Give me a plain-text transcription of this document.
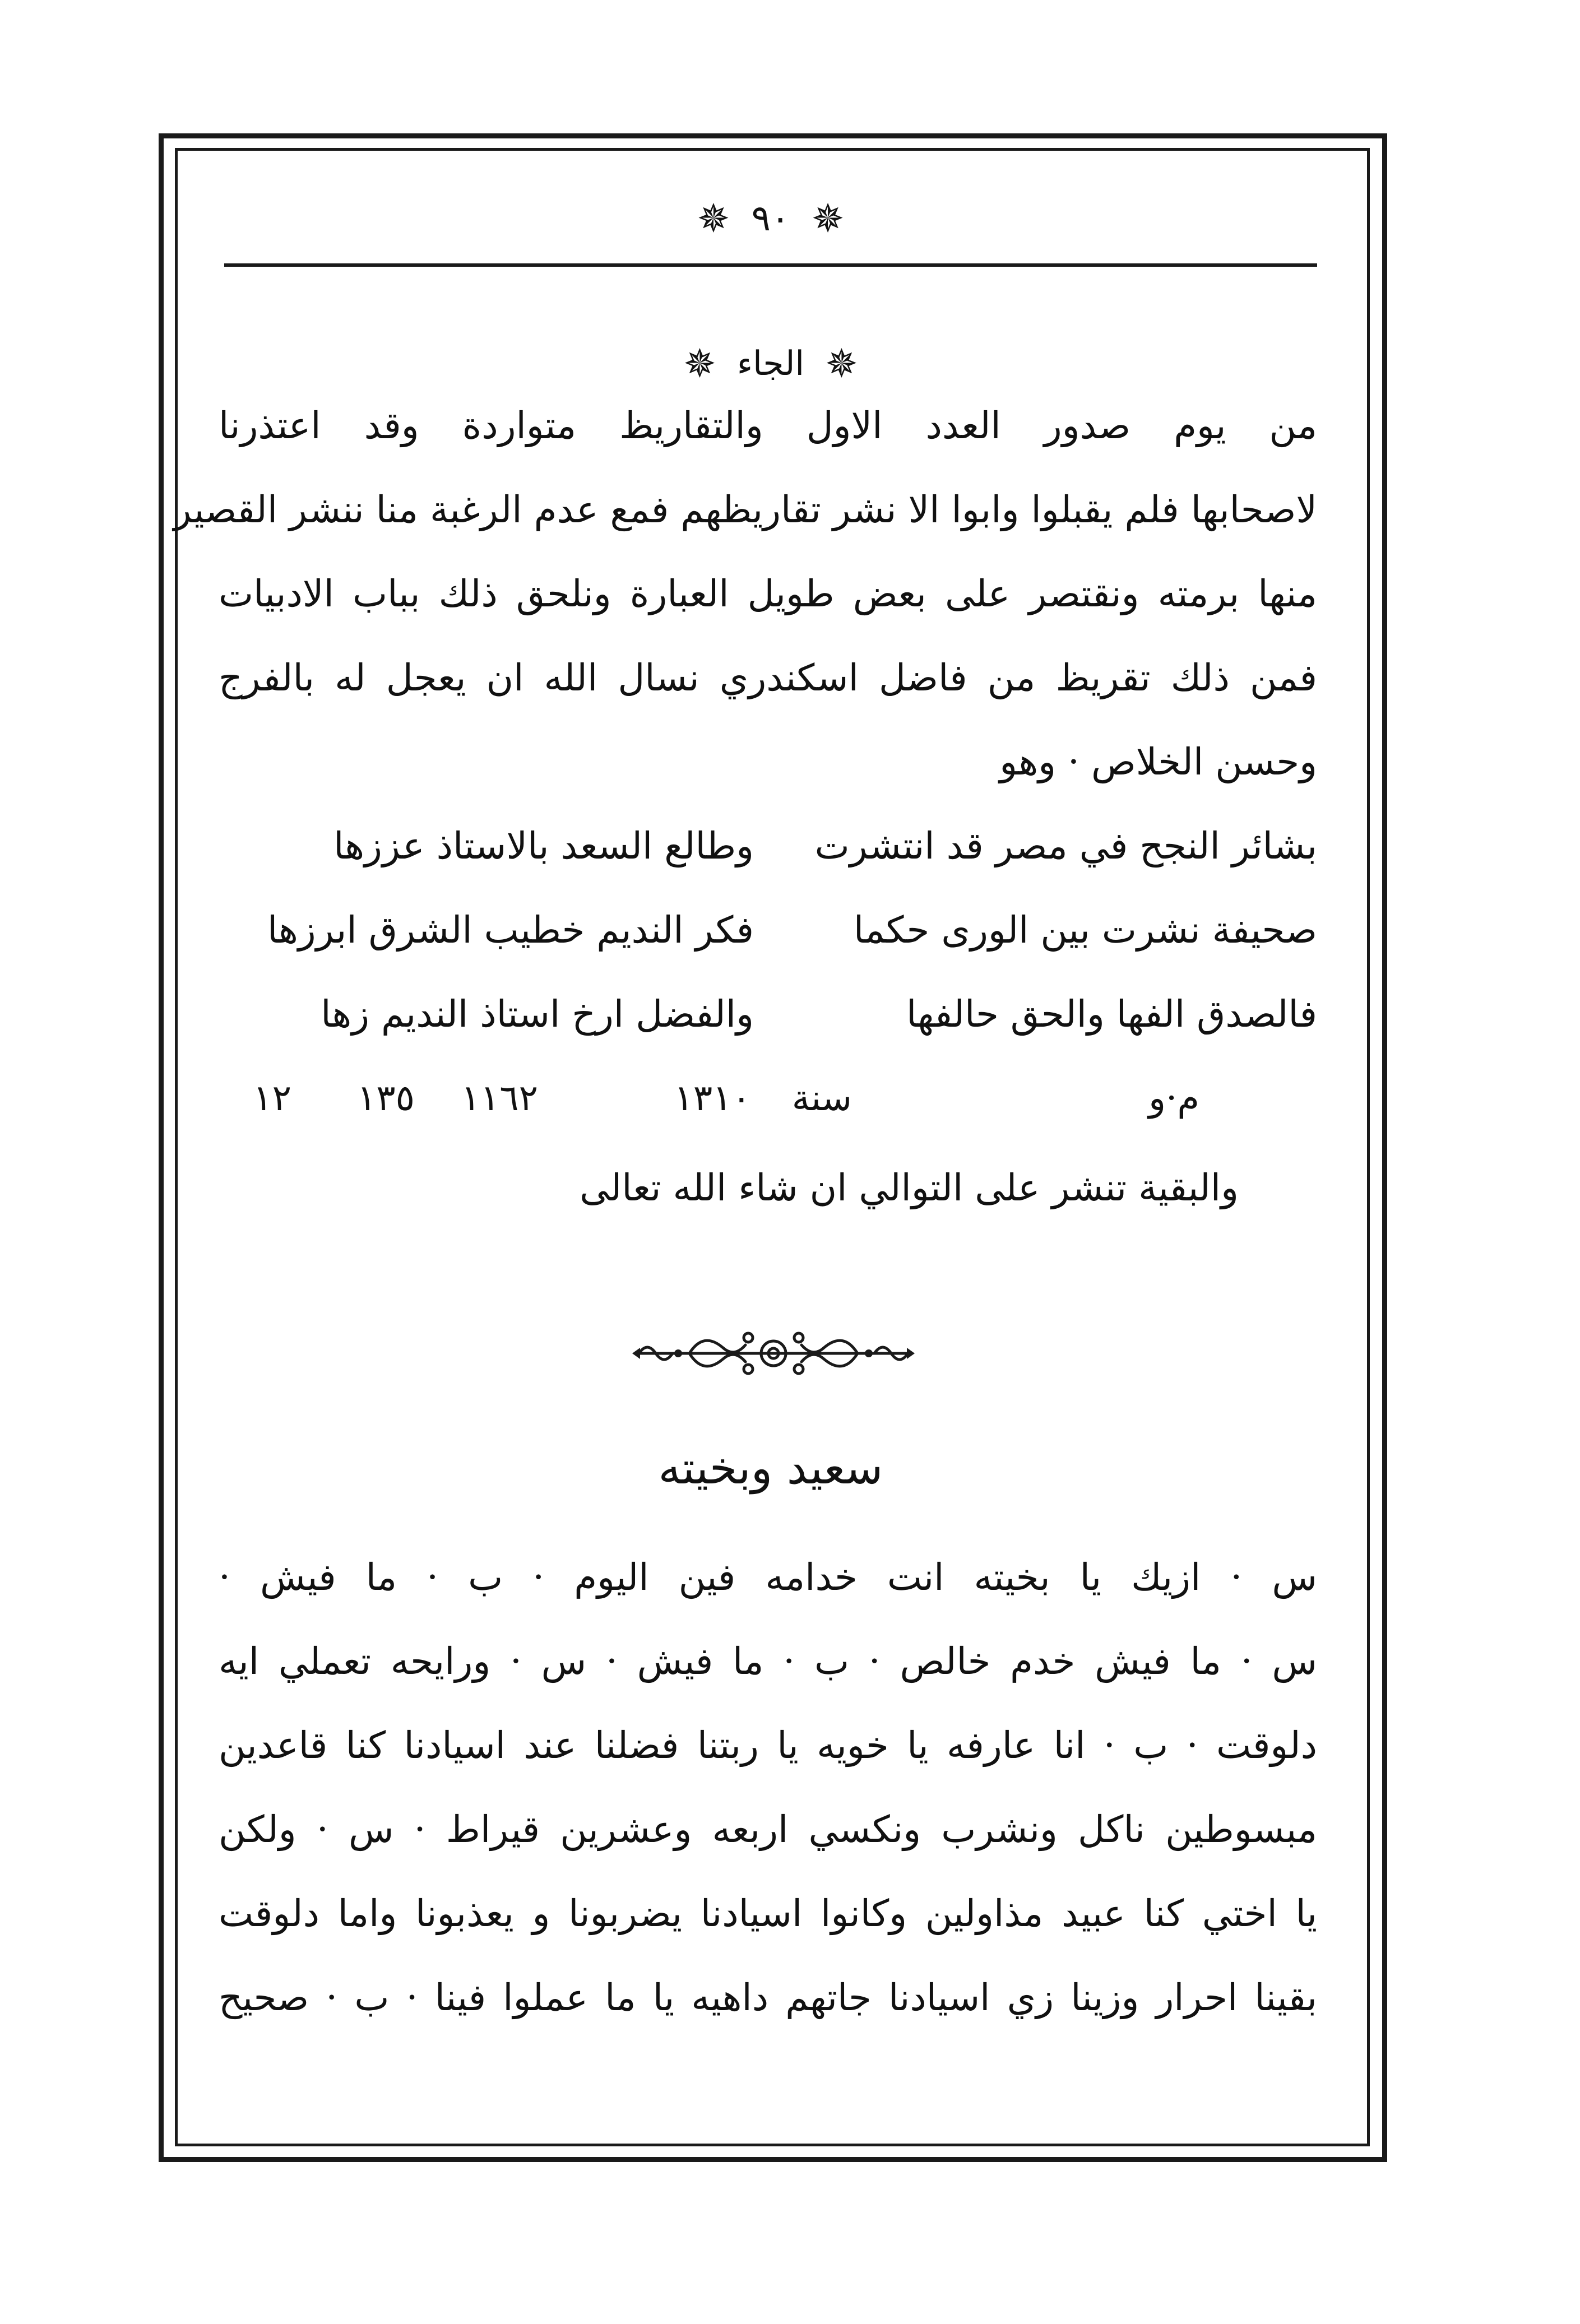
✵ ٩٠ ✵
✵ الجاء ✵
من يوم صدور العدد الاول والتقاريظ متواردة وقد اعتذرنا
لاصحابها فلم يقبلوا وابوا الا نشر تقاريظهم فمع عدم الرغبة منا ننشر القصير
منها برمته ونقتصر على بعض طويل العبارة ونلحق ذلك بباب الادبيات
فمن ذلك تقريظ من فاضل اسكندري نسال الله ان يعجل له بالفرج
وحسن الخلاص · وهو
بشائر النجح في مصر قد انتشرت
وطالع السعد بالاستاذ عززها
صحيفة نشرت بين الورى حكما
فكر النديم خطيب الشرق ابرزها
فالصدق الفها والحق حالفها
والفضل ارخ استاذ النديم زها
م·و
سنة
١٣١٠
١١٦٢
١٣٥
١٢
والبقية تنشر على التوالي ان شاء الله تعالى
سعيد وبخيته
س · ازيك يا بخيته انت خدامه فين اليوم · ب · ما فيش ·
س · ما فيش خدم خالص · ب · ما فيش · س · ورايحه تعملي ايه
دلوقت · ب · انا عارفه يا خويه يا ربتنا فضلنا عند اسيادنا كنا قاعدين
مبسوطين ناكل ونشرب ونكسي اربعه وعشرين قيراط · س · ولكن
يا اختي كنا عبيد مذاولين وكانوا اسيادنا يضربونا و يعذبونا واما دلوقت
بقينا احرار وزينا زي اسيادنا جاتهم داهيه يا ما عملوا فينا · ب · صحيح
